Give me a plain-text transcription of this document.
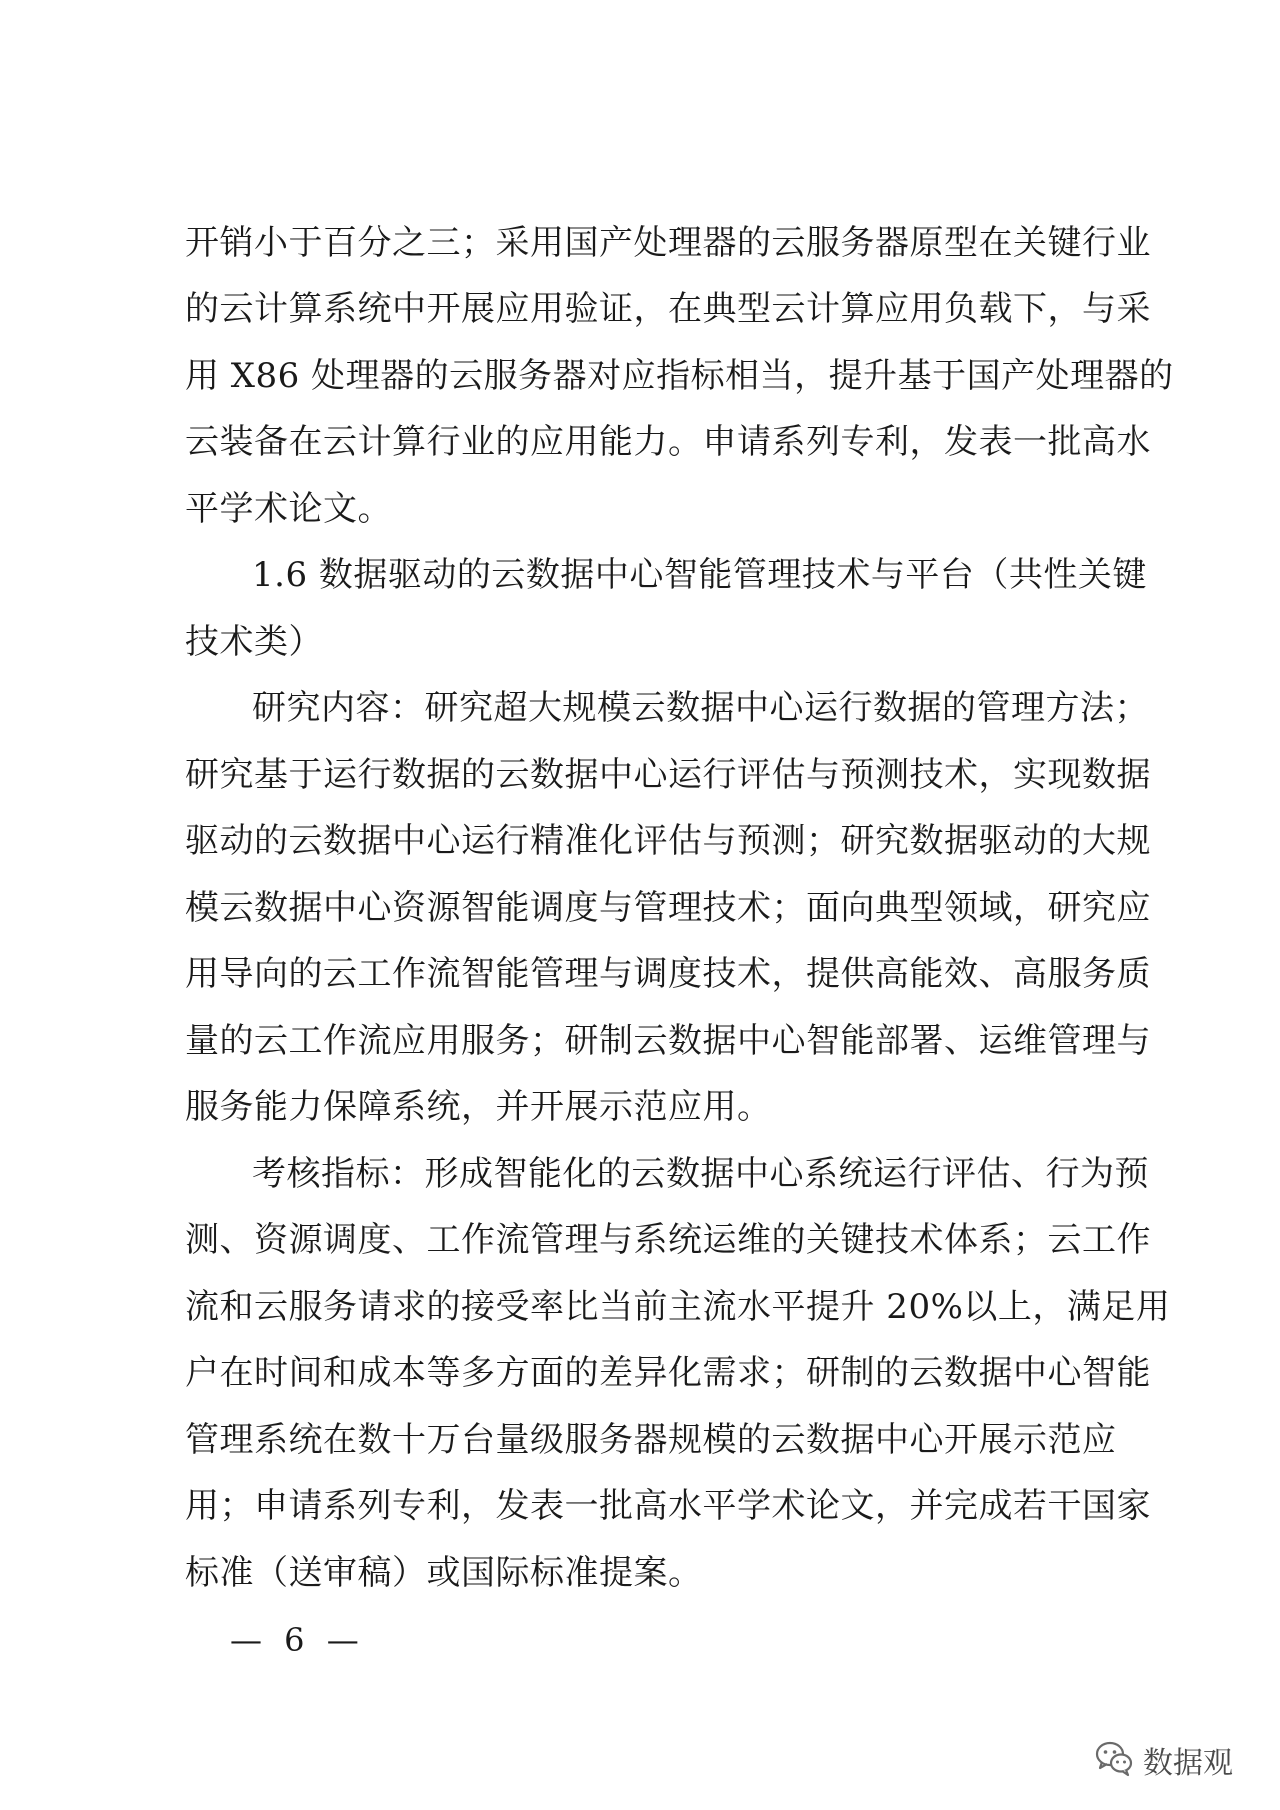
开销小于百分之三；采用国产处理器的云服务器原型在关键行业
的云计算系统中开展应用验证，在典型云计算应用负载下，与采
用 X86 处理器的云服务器对应指标相当，提升基于国产处理器的
云装备在云计算行业的应用能力。申请系列专利，发表一批高水
平学术论文。
1.6 数据驱动的云数据中心智能管理技术与平台（共性关键
技术类）
研究内容：研究超大规模云数据中心运行数据的管理方法；
研究基于运行数据的云数据中心运行评估与预测技术，实现数据
驱动的云数据中心运行精准化评估与预测；研究数据驱动的大规
模云数据中心资源智能调度与管理技术；面向典型领域，研究应
用导向的云工作流智能管理与调度技术，提供高能效、高服务质
量的云工作流应用服务；研制云数据中心智能部署、运维管理与
服务能力保障系统，并开展示范应用。
考核指标：形成智能化的云数据中心系统运行评估、行为预
测、资源调度、工作流管理与系统运维的关键技术体系；云工作
流和云服务请求的接受率比当前主流水平提升 20%以上，满足用
户在时间和成本等多方面的差异化需求；研制的云数据中心智能
管理系统在数十万台量级服务器规模的云数据中心开展示范应
用；申请系列专利，发表一批高水平学术论文，并完成若干国家
标准（送审稿）或国际标准提案。
— 6 —
数据观
